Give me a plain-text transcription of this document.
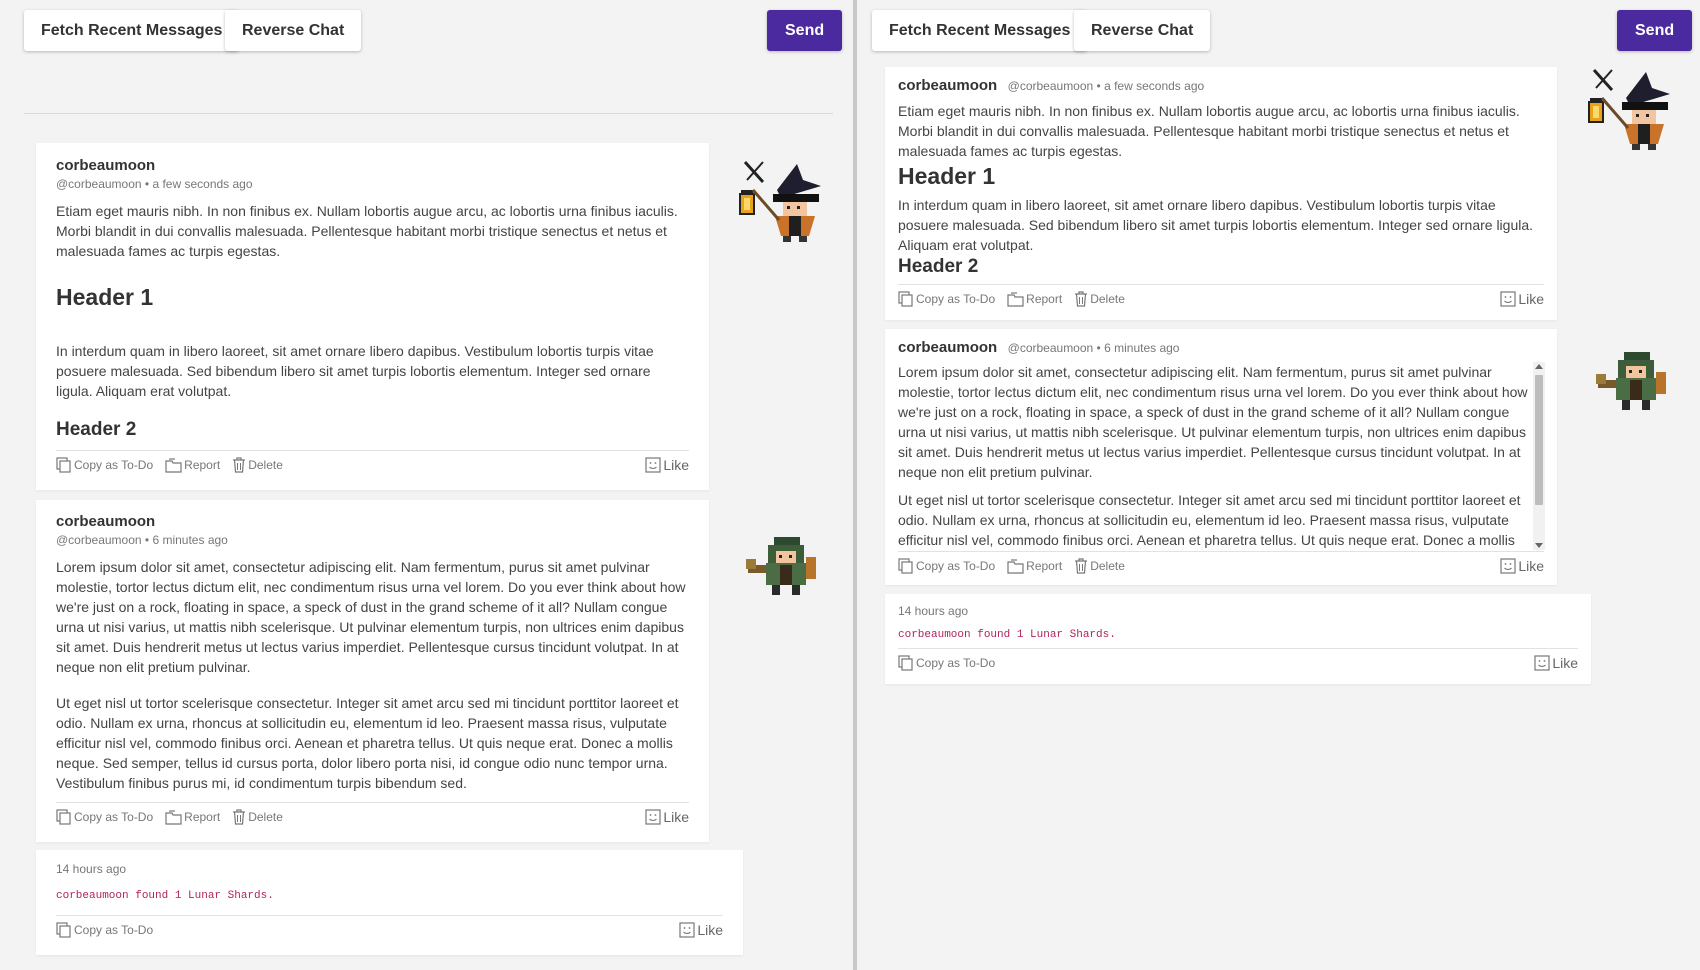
Fetch Recent Messages	Reverse Chat	Send
corbeaumoon
@corbeaumoon • a few seconds ago

Etiam eget mauris nibh. In non finibus ex. Nullam lobortis augue arcu, ac lobortis urna finibus iaculis. Morbi blandit in dui convallis malesuada. Pellentesque habitant morbi tristique senectus et netus et malesuada fames ac turpis egestas.

Header 1

In interdum quam in libero laoreet, sit amet ornare libero dapibus. Vestibulum lobortis turpis vitae posuere malesuada. Sed bibendum libero sit amet turpis lobortis elementum. Integer sed ornare ligula. Aliquam erat volutpat.

Header 2
Copy as To-Do	Report Delete	Like
corbeaumoon
@corbeaumoon • 6 minutes ago

Lorem ipsum dolor sit amet, consectetur adipiscing elit. Nam fermentum, purus sit amet pulvinar molestie, tortor lectus dictum elit, nec condimentum risus urna vel lorem. Do you ever think about how we're just on a rock, floating in space, a speck of dust in the grand scheme of it all? Nullam congue urna ut nisi varius, ut mattis nibh scelerisque. Ut pulvinar elementum turpis, non ultrices enim dapibus sit amet. Duis hendrerit metus ut lectus varius imperdiet. Pellentesque cursus tincidunt volutpat. In at neque non elit pretium pulvinar.

Ut eget nisl ut tortor scelerisque consectetur. Integer sit amet arcu sed mi tincidunt porttitor laoreet et odio. Nullam ex urna, rhoncus at sollicitudin eu, elementum id leo. Praesent massa risus, vulputate efficitur nisl vel, commodo finibus orci. Aenean et pharetra tellus. Ut quis neque erat. Donec a mollis neque. Sed semper, tellus id cursus porta, dolor libero porta nisi, id congue odio nunc tempor urna. Vestibulum finibus purus mi, id condimentum turpis bibendum sed.

Copy as To-Do	Report Delete	Like
14 hours ago
corbeaumoon found 1 Lunar Shards.
Copy as To-Do	Like
Fetch Recent Messages	Reverse Chat	Send
corbeaumoon @corbeaumoon • a few seconds ago

Etiam eget mauris nibh. In non finibus ex. Nullam lobortis augue arcu, ac lobortis urna finibus iaculis. Morbi blandit in dui convallis malesuada. Pellentesque habitant morbi tristique senectus et netus et malesuada fames ac turpis egestas.

Header 1

In interdum quam in libero laoreet, sit amet ornare libero dapibus. Vestibulum lobortis turpis vitae posuere malesuada. Sed bibendum libero sit amet turpis lobortis elementum. Integer sed ornare ligula. Aliquam erat volutpat.

Header 2
Copy as To-Do	Report Delete	Like
corbeaumoon @corbeaumoon • 6 minutes ago

Lorem ipsum dolor sit amet, consectetur adipiscing elit. Nam fermentum, purus sit amet pulvinar molestie, tortor lectus dictum elit, nec condimentum risus urna vel lorem. Do you ever think about how we're just on a rock, floating in space, a speck of dust in the grand scheme of it all? Nullam congue urna ut nisi varius, ut mattis nibh scelerisque. Ut pulvinar elementum turpis, non ultrices enim dapibus sit amet. Duis hendrerit metus ut lectus varius imperdiet. Pellentesque cursus tincidunt volutpat. In at neque non elit pretium pulvinar.

Ut eget nisl ut tortor scelerisque consectetur. Integer sit amet arcu sed mi tincidunt porttitor laoreet et odio. Nullam ex urna, rhoncus at sollicitudin eu, elementum id leo. Praesent massa risus, vulputate efficitur nisl vel, commodo finibus orci. Aenean et pharetra tellus. Ut quis neque erat. Donec a mollis

Copy as To-Do	Report Delete	Like
14 hours ago
corbeaumoon found 1 Lunar Shards.
Copy as To-Do	Like
